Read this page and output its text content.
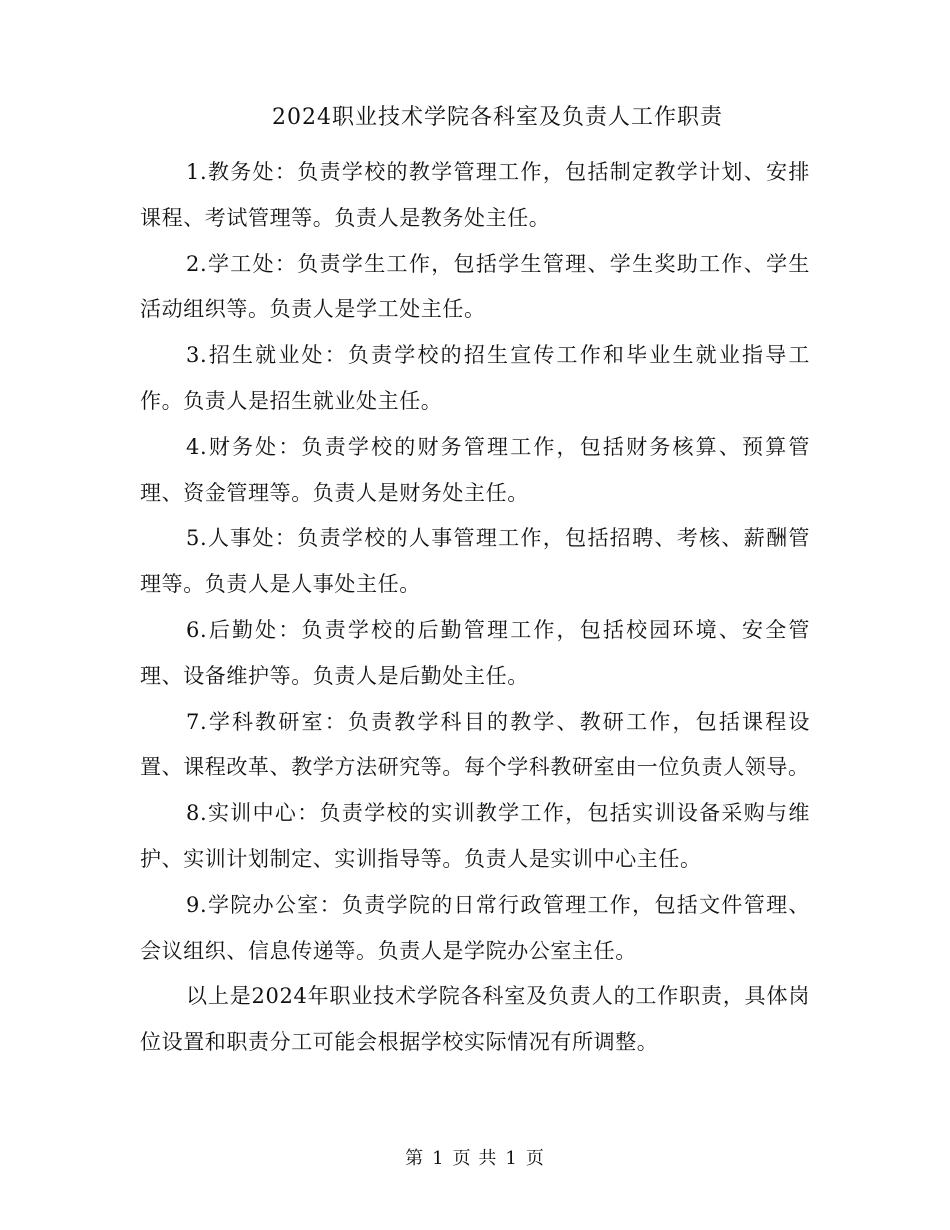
2024职业技术学院各科室及负责人工作职责

1.教务处：负责学校的教学管理工作，包括制定教学计划、安排课程、考试管理等。负责人是教务处主任。

2.学工处：负责学生工作，包括学生管理、学生奖助工作、学生活动组织等。负责人是学工处主任。

3.招生就业处：负责学校的招生宣传工作和毕业生就业指导工作。负责人是招生就业处主任。

4.财务处：负责学校的财务管理工作，包括财务核算、预算管理、资金管理等。负责人是财务处主任。

5.人事处：负责学校的人事管理工作，包括招聘、考核、薪酬管理等。负责人是人事处主任。

6.后勤处：负责学校的后勤管理工作，包括校园环境、安全管理、设备维护等。负责人是后勤处主任。

7.学科教研室：负责教学科目的教学、教研工作，包括课程设置、课程改革、教学方法研究等。每个学科教研室由一位负责人领导。

8.实训中心：负责学校的实训教学工作，包括实训设备采购与维护、实训计划制定、实训指导等。负责人是实训中心主任。

9.学院办公室：负责学院的日常行政管理工作，包括文件管理、会议组织、信息传递等。负责人是学院办公室主任。

以上是2024年职业技术学院各科室及负责人的工作职责，具体岗位设置和职责分工可能会根据学校实际情况有所调整。

第 1 页 共 1 页
